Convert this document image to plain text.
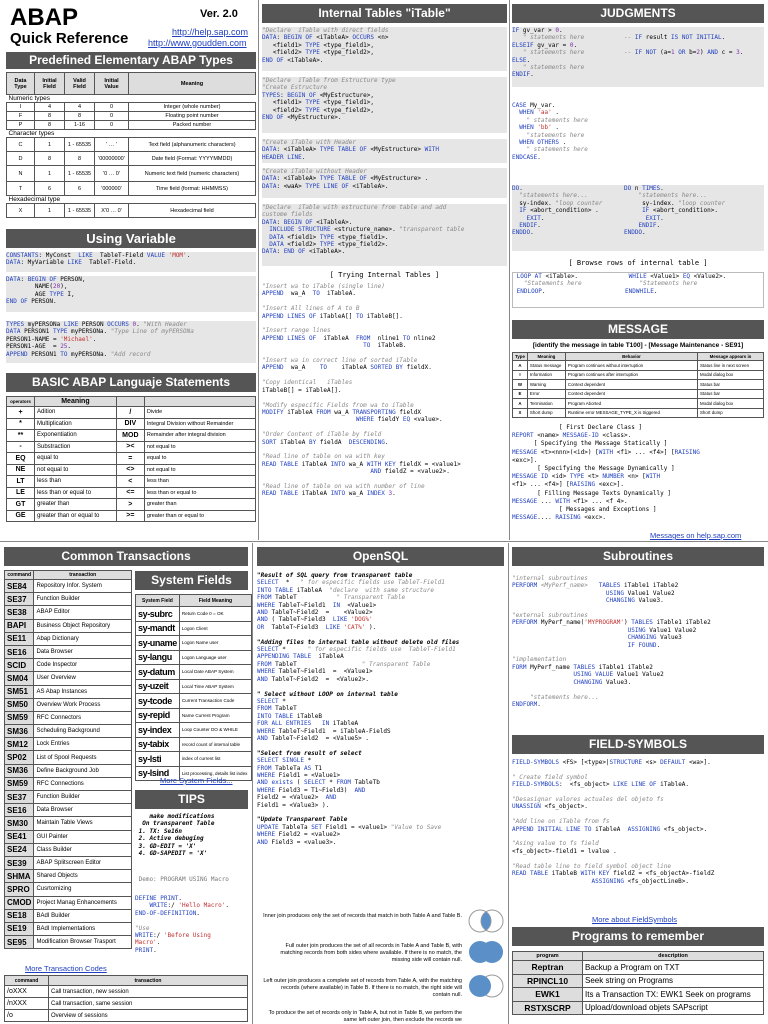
ABAP
Quick Reference
Ver. 2.0
http://help.sap.com
http://www.goudden.com
Predefined Elementary ABAP Types
Data Type	Initial Field	Valid Field	Initial Value	Meaning
Numeric types				
I	4	4	0	Integer (whole number)
F	8	8	0	Floating point number
P	8	1-16	0	Packed number
Character types				
C	1	1 - 65535	' … '	Text field (alphanumeric characters)
D	8	8	'00000000'	Date field (Format: YYYYMMDD)
N	1	1 - 65535	'0 … 0'	Numeric text field (numeric characters)
T	6	6	'000000'	Time field (format: HHMMSS)
Hexadecimal type				
X	1	1 - 65535	X'0 … 0'	Hexadecimal field
Using Variable
CONSTANTS: MyConst  LIKE  TableT-Field VALUE 'MOM'.
DATA: MyVariable LIKE  TableT-Field.
DATA: BEGIN OF PERSON,
NAME(20),
AGE TYPE I,
END OF PERSON.
TYPES myPERSONa LIKE PERSON OCCURS 0. "With Header
DATA PERSON1 TYPE myPERSONa. "Type Line of myPERSONa
PERSON1-NAME = 'Michael'.
PERSON1-AGE  = 25.
APPEND PERSON1 TO myPERSONa. "Add record
BASIC ABAP Languaje Statements
operators	Meaning		
+	Adition	/	Divide
*	Multiplication	DIV	Integral Division without Remainder
**	Exponentiation	MOD	Remainder after integral division
-	Substraction	><	not equal to
EQ	equal to	=	equal to
NE	not equal to	<>	not equal to
LT	less than	<	less than
LE	less than or equal to	<=	less than or equal to
GT	greater than	>	greater than
GE	greater than or equal to	>=	greater than or equal to
Internal Tables "iTable"
"Declare  iTable with direct fields
DATA: BEGIN OF <iTableA> OCCURS <n>
<field1> TYPE <type_field1>,
<field2> TYPE <type_field2>,
END OF <iTableA>.
"Declare  iTable from Estructure type
"Create Estructure
TYPES: BEGIN OF <MyEstructure>,
<field1> TYPE <type_field1>,
<field2> TYPE <type_field2>,
END OF <MyEstructure>.
"Create iTable with Header
DATA: <iTableA> TYPE TABLE OF <MyEstructure> WITH
HEADER LINE.
"Create iTable without Header
DATA: <iTableA> TYPE TABLE OF <MyEstructure> .
DATA: <waA> TYPE LINE OF <iTableA>.
"Declare  iTable with estructure from table and add
custome fields
DATA: BEGIN OF <iTableA>.
INCLUDE STRUCTURE <structure_name>. "transparent table
DATA <field1> TYPE <type_field1>.
DATA <field2> TYPE <type_field2>.
DATA: END OF <iTableA>.
[ Trying Internal Tables ]
"Insert wa to iTable (single line)
APPEND  wa_A  TO  iTableA.

"Insert All lines of A to B
APPEND LINES OF iTableA[] TO iTableB[].

"Insert range lines
APPEND LINES OF  iTableA  FROM  nline1 TO nline2
TO  iTableB.

"Insert wa in correct line of sorted iTable
APPEND  wa_A    TO    iTableA SORTED BY fieldX.

"Copy identical   iTables
iTableB[] = iTableA[].

"Modify especific Fields from wa to iTable
MODIFY iTableA FROM wa_A TRANSPORTING fieldX
WHERE fieldY EQ <value>.

"Order Content of iTable by field
SORT iTableA BY fieldA  DESCENDING.

"Read line of table on wa with key
READ TABLE iTableA INTO wa_A WITH KEY fieldX = <value1>
AND fieldZ = <value2>.

"Read line of table on wa with number of line
READ TABLE iTableA INTO wa_A INDEX 3.
JUDGMENTS
IF gv_var > 0.
" statements here	-- IF result IS NOT INITIAL.
ELSEIF gv_var = 0.
" statements here	-- IF NOT (a=1 OR b=2) AND c = 3.
ELSE.
" statements here
ENDIF.
CASE My_var.
WHEN 'aa' .
" statements here
WHEN 'bb' .
"statements here
WHEN OTHERS .
" statements here
ENDCASE.
DO.                            DO n TIMES.
"statements here...	"statements here...
sy-index. "loop counter           sy-index. "loop counter
IF <abort_condition> .            IF <abort_condition>.
EXIT.                            EXIT.
ENDIF.                           ENDIF.
ENDDO.                         ENDDO.
[ Browse rows of internal table ]
LOOP AT <iTable>.              WHILE <Value1> EQ <Value2>.
"Statements here	"Statements here
ENDLOOP.                      ENDWHILE.
MESSAGE
[identify the message in table T100] - [Message Maintenance - SE91]
Type	Meaning	Behavior	Message appears in
A	Status message	Program continues without interruption	Status line in next screen
I	Information	Program continues after interruption	Modal dialog box
W	Warning	Context dependent	Status bar
E	Error	Context dependent	Status bar
A	Termination	Program Aborted	Modal dialog box
X	Short dump	Runtime error MESSAGE_TYPE_X is triggered	Short dump
[ First Declare Class ]
REPORT <name> MESSAGE-ID <class>.
[ Specifying the Message Statically ]
MESSAGE <t><nnn>(<id>) [WITH <f1> ... <f4>] [RAISING
<exc>].
[ Specifying the Message Dynamically ]
MESSAGE ID <id> TYPE <t> NUMBER <n> [WITH
<f1> ... <f4>] [RAISING <exc>].
[ Filling Message Texts Dynamically ]
MESSAGE ... WITH <f1> ... <f 4>.
[ Messages and Exceptions ]
MESSAGE.... RAISING <exc>.
Messages on help.sap.com
Common Transactions
command	transaction
SE84	Repository Infor. System
SE37	Function Builder
SE38	ABAP Editor
BAPI	Business Object Repository
SE11	Abap Dictionary
SE16	Data Browser
SCID	Code Inspector
SM04	User Overview
SM51	AS Abap Instances
SM50	Overview Work Process
SM59	RFC Connectors
SM36	Scheduling Background
SM12	Lock Entries
SP02	List of Spool Requests
SM36	Define Background Job
SM59	RFC Connections
SE37	Function Builder
SE16	Data Browser
SM30	Maintain Table Views
SE41	GUI Painter
SE24	Class Builder
SE39	ABAP Splitscreen Editor
SHMA	Shared Objects
SPRO	Cusrtomizing
CMOD	Project Manag Enhancements
SE18	BAdI Builder
SE19	BAdI Implementations
SE95	Modification Browser Trasport
More Transaction Codes
command	transaction
/oXXX	Call transaction, new session
/nXXX	Call transaction, same session
/o	Overview of sessions
System Fields
System Field	Field Meaning
sy-subrc	Return Code 0 = OK
sy-mandt	Logon Client
sy-uname	Logon Name user
sy-langu	Logon Language user
sy-datum	Local Date ABAP System
sy-uzeit	Local Time ABAP System
sy-tcode	Current Transaction Code
sy-repid	Name Current Program
sy-index	Loop Counter DO & WHILE
sy-tabix	record count of internal table
sy-lsti	index of current list
sy-lsind	List processing, details list index
More System Fields...
TIPS
make modifications
On transparent Table
1. TX: Se16n
2. Active debuging
3. GD-EDIT = 'X'
4. GD-SAPEDIT = 'X'
Demo: PROGRAM USING Macro
DEFINE PRINT.
WRITE:/ 'Hello Macro'.
END-OF-DEFINITION.

"Use
WRITE:/ 'Before Using
Macro'.
PRINT.
OpenSQL
"Result of SQL query from transparent table
SELECT  *   " for especific fields use TableT-Field1
INTO TABLE iTableA  "declare  with same structure
FROM TableT           " Transparent Table
WHERE TableT~Field1  IN  <Value1>
AND TableT~Field2  =    <Value2>
AND ( TableT~Field3  LIKE 'DOG%'
OR  TableT~Field3  LIKE 'CAT%' ).

"Adding files to internal table without delete old files
SELECT *      " for especific fields use  TableT-Field1
APPENDING TABLE  iTableA
FROM TableT                  " Transparent Table
WHERE TableT~Field1  =  <Value1>
AND TableT~Field2  =  <Value2>.

" Select without LOOP on internal table
SELECT *
FROM TableT
INTO TABLE iTableB
FOR ALL ENTRIES IN iTableA
WHERE TableT~Field1  = iTableA-FieldS
AND TableT~Field2  = <Value5> .

"Select from result of select
SELECT SINGLE *
FROM TableTa AS T1
WHERE Field1 = <Value1>
AND exists ( SELECT * FROM TableTb
WHERE Field3 = T1~Field3)  AND
Field2 = <Value2>  AND
Field1 = <Value3> ).

"Update Transparent Table
UPDATE TableTa SET Field1 = <value1> "Value to Save
WHERE Field2 = <value2>
AND Field3 = <value3>.
Inner join produces only the set of records that match in both Table A and Table B.
Full outer join produces the set of all records in Table A and Table B, with matching records from both sides where available. If there is no match, the missing side will contain null.
Left outer join produces a complete set of records from Table A, with the matching records (where available) in Table B. If there is no match, the right side will contain null.
To produce the set of records only in Table A, but not in Table B, we perform the same left outer join, then exclude the records we
Subroutines
"internal subroutines
PERFORM <MyPerf_name> TABLES iTable1 iTable2
USING Value1 Value2
CHANGING Value3.

"external subroutines
PERFORM MyPerf_name('MYPROGRAM') TABLES iTable1 iTable2
USING Value1 Value2
CHANGING Value3
IF FOUND.

"implementation
FORM MyPerf_name TABLES iTable1 iTable2
USING VALUE Value1 Value2
CHANGING Value3.

"statements here...
ENDFORM.
FIELD-SYMBOLS
FIELD-SYMBOLS <FS> [<type>|STRUCTURE <s> DEFAULT <wa>].

" Create field symbol
FIELD-SYMBOLS:  <fs_object> LIKE LINE OF iTableA.

"Desasignar valores actuales del objeto fs
UNASSIGN <fs_object>.

"Add line on iTable from fs
APPEND INITIAL LINE TO iTableA  ASSIGNING <fs_object>.

"Asing value to fs field
<fs_object>-field1 = lvalue .

"Read table line to field symbol object line
READ TABLE iTableB WITH KEY fieldZ = <fs_objectA>-fieldZ
ASSIGNING <fs_objectLineB>.
More about FieldSymbols
Programs to remember
program	description
Reptran	Backup a Program on TXT
RPINCL10	Seek string on Programs
EWK1	Its a Transaction TX: EWK1 Seek on programs
RSTXSCRP	Upload/download objets SAPscript
